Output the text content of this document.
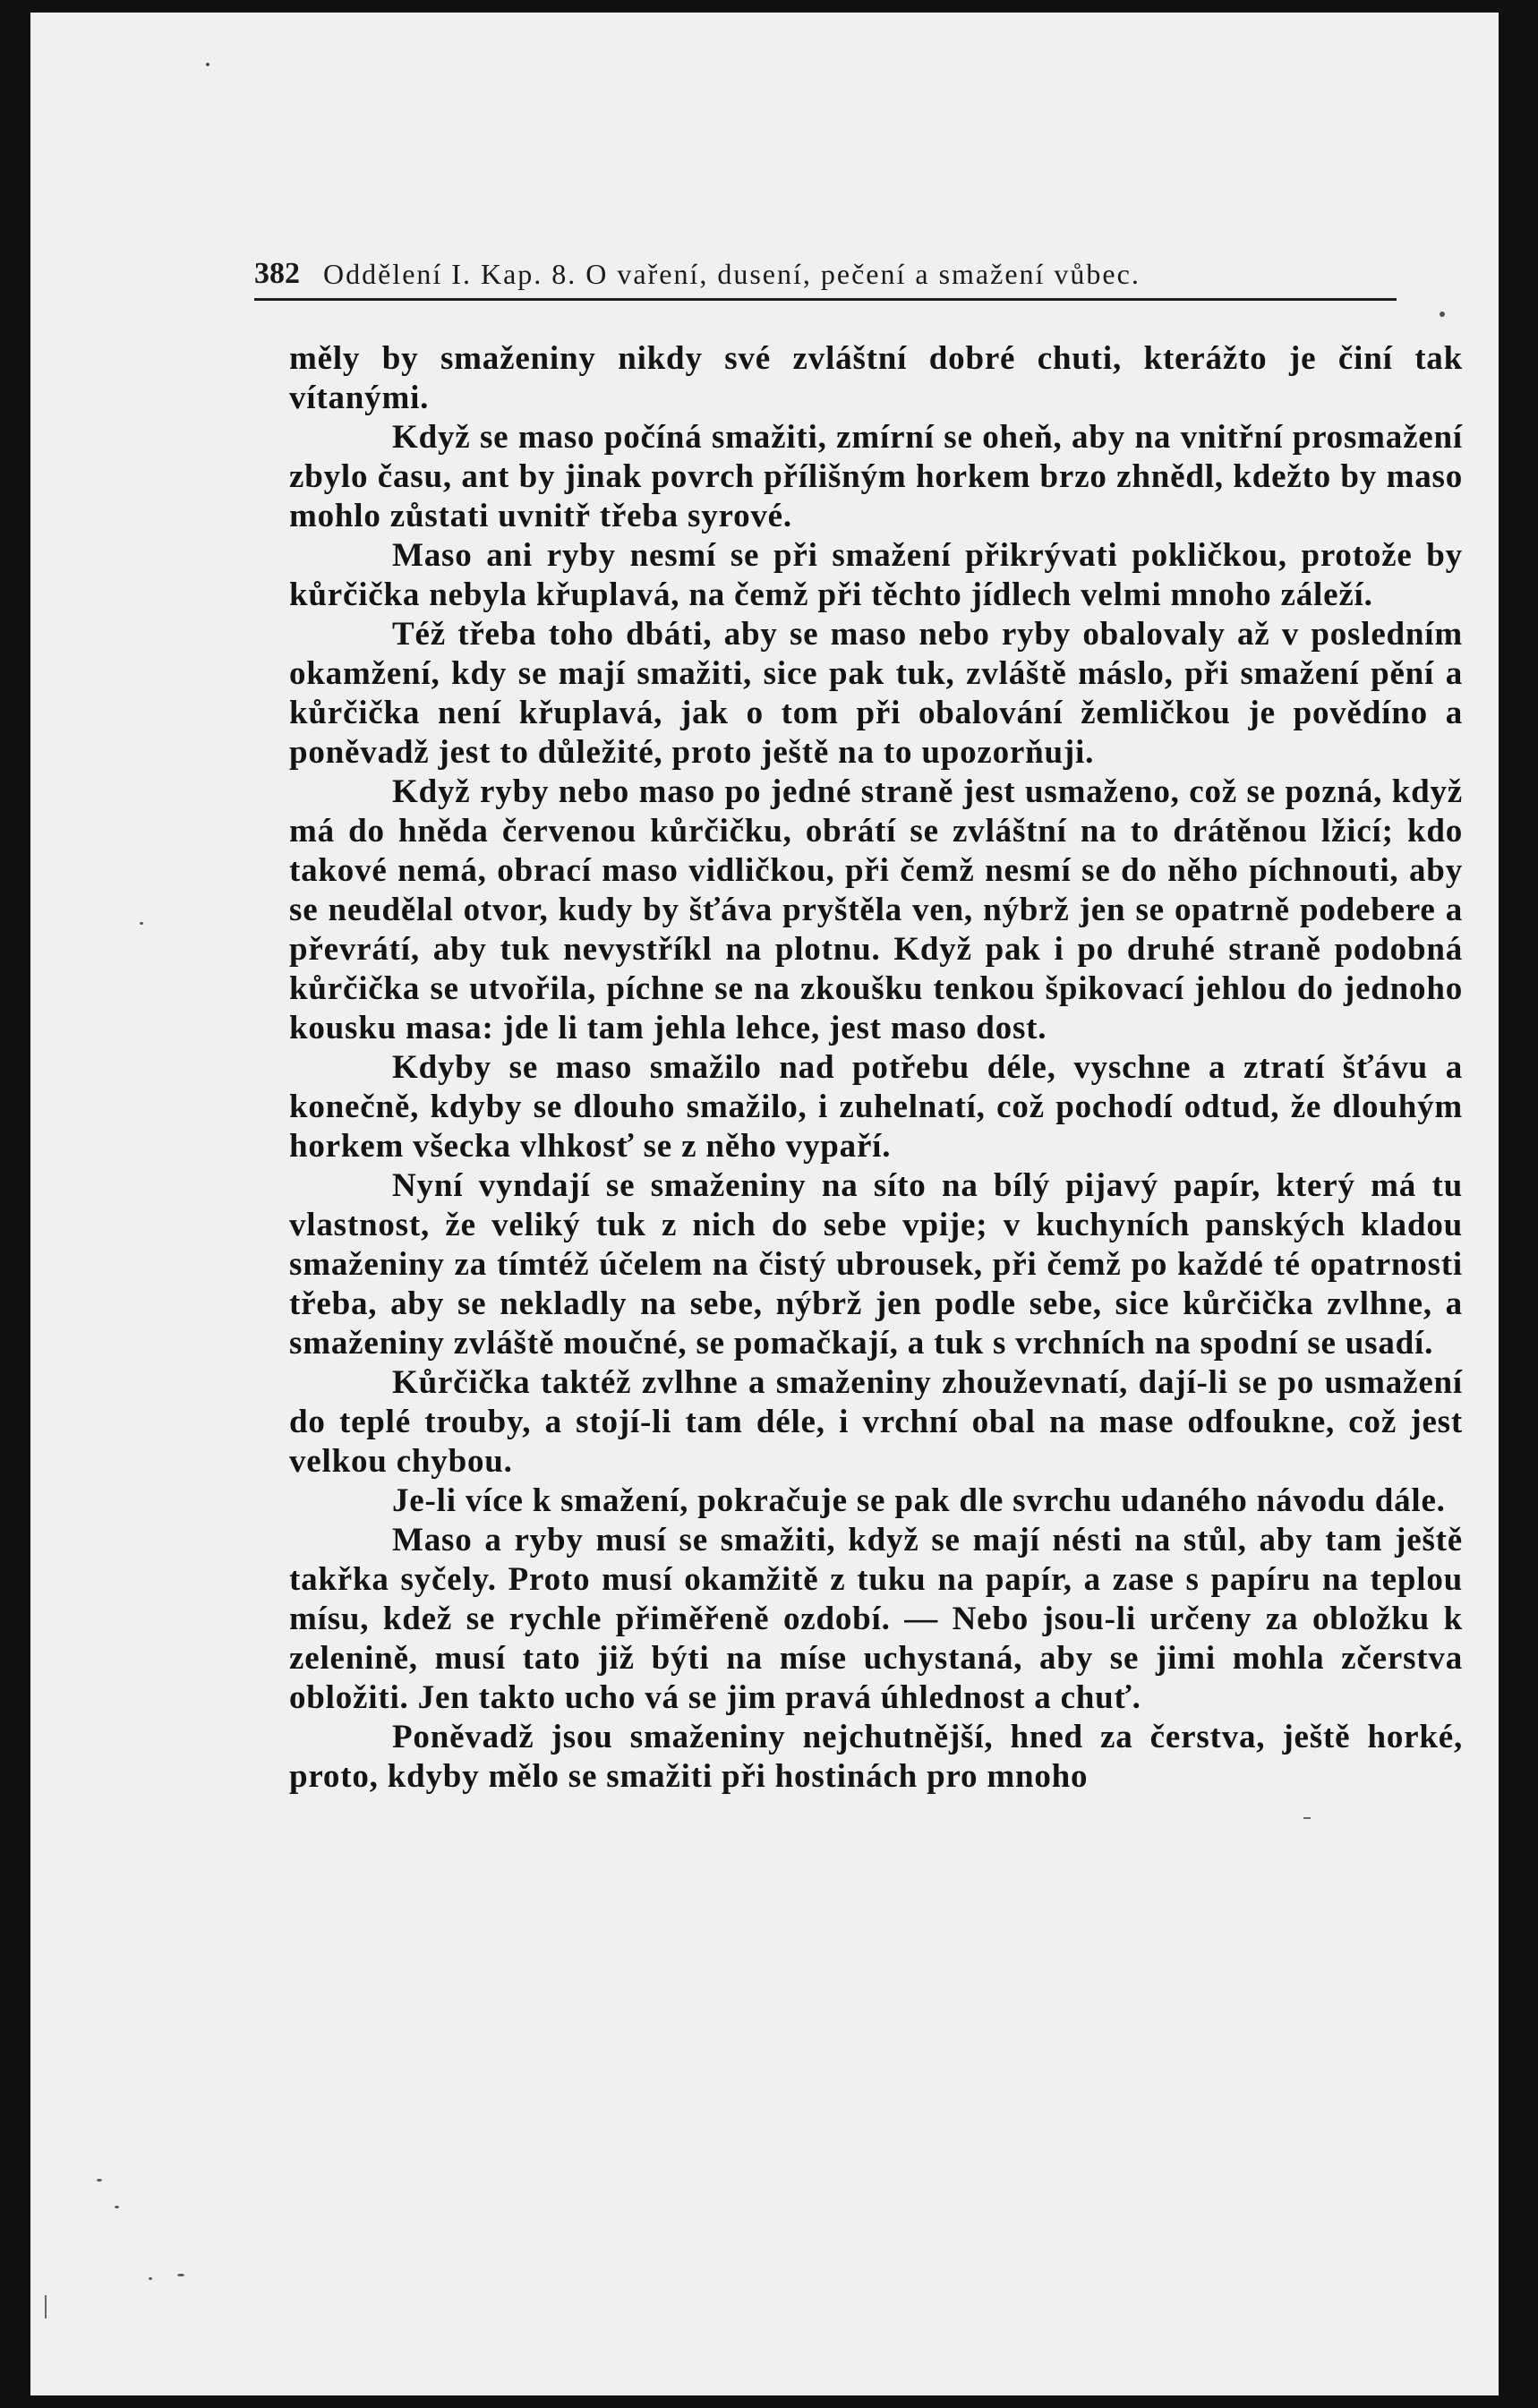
382 Oddělení I. Kap. 8. O vaření, dusení, pečení a smažení vůbec.

měly by smaženiny nikdy své zvláštní dobré chuti, kterážto je činí tak vítanými.

Když se maso počíná smažiti, zmírní se oheň, aby na vnitřní prosmažení zbylo času, ant by jinak povrch přílišným horkem brzo zhnědl, kdežto by maso mohlo zůstati uvnitř třeba syrové.

Maso ani ryby nesmí se při smažení přikrývati pokličkou, protože by kůrčička nebyla křuplavá, na čemž při těchto jídlech velmi mnoho záleží.

Též třeba toho dbáti, aby se maso nebo ryby obalovaly až v posledním okamžení, kdy se mají smažiti, sice pak tuk, zvláště máslo, při smažení pění a kůrčička není křuplavá, jak o tom při obalování žemličkou je povědíno a poněvadž jest to důležité, proto ještě na to upozorňuji.

Když ryby nebo maso po jedné straně jest usmaženo, což se pozná, když má do hněda červenou kůrčičku, obrátí se zvláštní na to drátěnou lžicí; kdo takové nemá, obrací maso vidličkou, při čemž nesmí se do něho píchnouti, aby se neudělal otvor, kudy by šťáva pryštěla ven, nýbrž jen se opatrně podebere a převrátí, aby tuk nevystříkl na plotnu. Když pak i po druhé straně podobná kůrčička se utvořila, píchne se na zkoušku tenkou špikovací jehlou do jednoho kousku masa: jde li tam jehla lehce, jest maso dost.

Kdyby se maso smažilo nad potřebu déle, vyschne a ztratí šťávu a konečně, kdyby se dlouho smažilo, i zuhelnatí, což pochodí odtud, že dlouhým horkem všecka vlhkosť se z něho vypaří.

Nyní vyndají se smaženiny na síto na bílý pijavý papír, který má tu vlastnost, že veliký tuk z nich do sebe vpije; v kuchyních panských kladou smaženiny za tímtéž účelem na čistý ubrousek, při čemž po každé té opatrnosti třeba, aby se nekladly na sebe, nýbrž jen podle sebe, sice kůrčička zvlhne, a smaženiny zvláště moučné, se pomačkají, a tuk s vrchních na spodní se usadí.

Kůrčička taktéž zvlhne a smaženiny zhouževnatí, dají-li se po usmažení do teplé trouby, a stojí-li tam déle, i vrchní obal na mase odfoukne, což jest velkou chybou.

Je-li více k smažení, pokračuje se pak dle svrchu udaného návodu dále.

Maso a ryby musí se smažiti, když se mají nésti na stůl, aby tam ještě takřka syčely. Proto musí okamžitě z tuku na papír, a zase s papíru na teplou mísu, kdež se rychle přiměřeně ozdobí. — Nebo jsou-li určeny za obložku k zelenině, musí tato již býti na míse uchystaná, aby se jimi mohla zčerstva obložiti. Jen takto ucho vá se jim pravá úhlednost a chuť.

Poněvadž jsou smaženiny nejchutnější, hned za čerstva, ještě horké, proto, kdyby mělo se smažiti při hostinách pro mnoho
